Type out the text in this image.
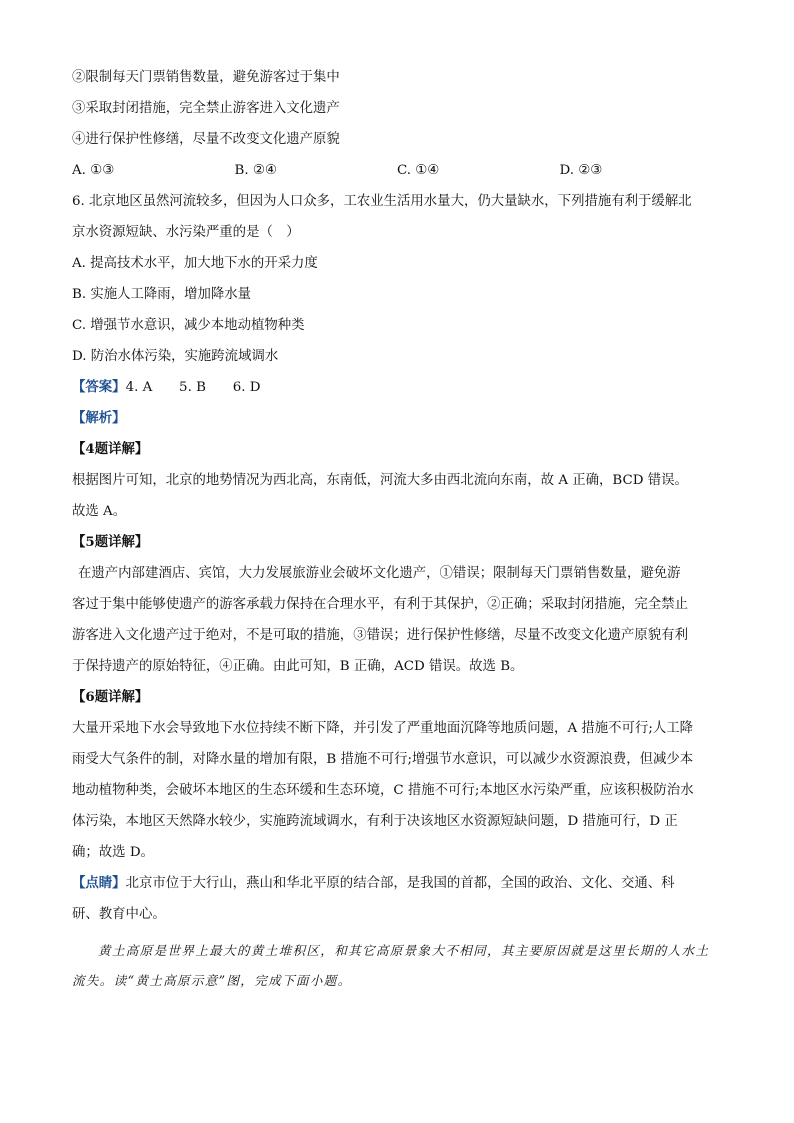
②限制每天门票销售数量，避免游客过于集中
③采取封闭措施，完全禁止游客进入文化遗产
④进行保护性修缮，尽量不改变文化遗产原貌
A. ①③	B. ②④	C. ①④	D. ②③
6. 北京地区虽然河流较多，但因为人口众多，工农业生活用水量大，仍大量缺水，下列措施有利于缓解北
京水资源短缺、水污染严重的是（　）
A. 提高技术水平，加大地下水的开采力度
B. 实施人工降雨，增加降水量
C. 增强节水意识，减少本地动植物种类
D. 防治水体污染，实施跨流域调水
【答案】4. A　　5. B　　6. D
【解析】
【4题详解】
根据图片可知，北京的地势情况为西北高，东南低，河流大多由西北流向东南，故 A 正确，BCD 错误。
故选 A。
【5题详解】
在遗产内部建酒店、宾馆，大力发展旅游业会破坏文化遗产，①错误；限制每天门票销售数量，避免游
客过于集中能够使遗产的游客承载力保持在合理水平，有利于其保护，②正确；采取封闭措施，完全禁止
游客进入文化遗产过于绝对，不是可取的措施，③错误；进行保护性修缮，尽量不改变文化遗产原貌有利
于保持遗产的原始特征，④正确。由此可知，B 正确，ACD 错误。故选 B。
【6题详解】
大量开采地下水会导致地下水位持续不断下降，并引发了严重地面沉降等地质问题，A 措施不可行;人工降
雨受大气条件的制，对降水量的增加有限，B 措施不可行;增强节水意识，可以减少水资源浪费，但减少本
地动植物种类，会破坏本地区的生态环缓和生态环境，C 措施不可行;本地区水污染严重，应该积极防治水
体污染，本地区天然降水较少，实施跨流域调水，有利于决该地区水资源短缺问题，D 措施可行，D 正
确；故选 D。
【点睛】北京市位于大行山，燕山和华北平原的结合部，是我国的首都，全国的政治、文化、交通、科
研、教育中心。
黄土高原是世界上最大的黄土堆积区，和其它高原景象大不相同，其主要原因就是这里长期的人水土
流失。读“黄土高原示意”图，完成下面小题。
